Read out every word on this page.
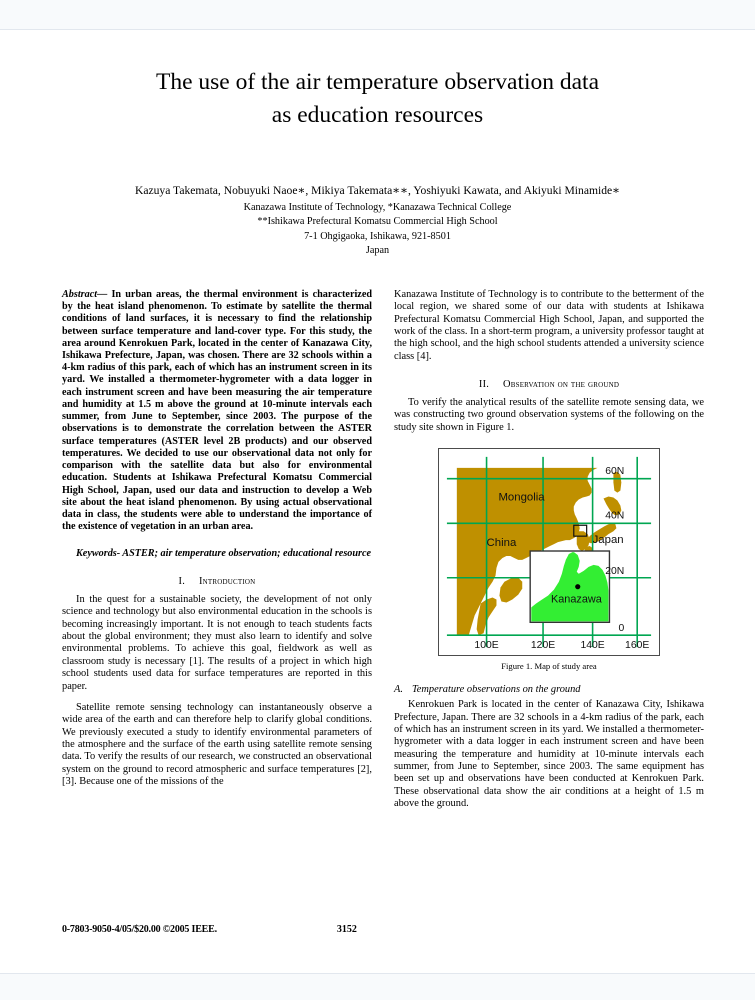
The use of the air temperature observation data
as education resources
Kazuya Takemata, Nobuyuki Naoe∗, Mikiya Takemata∗∗, Yoshiyuki Kawata, and Akiyuki Minamide∗
Kanazawa Institute of Technology, *Kanazawa Technical College
**Ishikawa Prefectural Komatsu Commercial High School
7-1 Ohgigaoka, Ishikawa, 921-8501
Japan
Abstract— In urban areas, the thermal environment is characterized by the heat island phenomenon. To estimate by satellite the thermal conditions of land surfaces, it is necessary to find the relationship between surface temperature and land-cover type. For this study, the area around Kenrokuen Park, located in the center of Kanazawa City, Ishikawa Prefecture, Japan, was chosen. There are 32 schools within a 4-km radius of this park, each of which has an instrument screen in its yard. We installed a thermometer-hygrometer with a data logger in each instrument screen and have been measuring the air temperature and humidity at 1.5 m above the ground at 10-minute intervals each summer, from June to September, since 2003. The purpose of the observations is to demonstrate the correlation between the ASTER surface temperatures (ASTER level 2B products) and our observed temperatures. We decided to use our observational data not only for comparison with the satellite data but also for environmental education. Students at Ishikawa Prefectural Komatsu Commercial High School, Japan, used our data and instruction to develop a Web site about the heat island phenomenon. By using actual observational data in class, the students were able to understand the importance of the existence of vegetation in an urban area.
Keywords- ASTER; air temperature observation; educational resource
I. Introduction

In the quest for a sustainable society, the development of not only science and technology but also environmental education in the schools is becoming increasingly important. It is not enough to teach students facts about the global environment; they must also learn to identify and solve environmental problems. To achieve this goal, fieldwork as well as classroom study is necessary [1]. The results of a project in which high school students used data for surface temperatures are reported in this paper.

Satellite remote sensing technology can instantaneously observe a wide area of the earth and can therefore help to clarify global conditions. We previously executed a study to identify environmental parameters of the atmosphere and the surface of the earth using satellite remote sensing data. To verify the results of our research, we constructed an observational system on the ground to record atmospheric and surface temperatures [2],[3]. Because one of the missions of the

Kanazawa Institute of Technology is to contribute to the betterment of the local region, we shared some of our data with students at Ishikawa Prefectural Komatsu Commercial High School, Japan, and supported the work of the class. In a short-term program, a university professor taught at the high school, and the high school students attended a university science class [4].

II. Observation on the ground

To verify the analytical results of the satellite remote sensing data, we was constructing two ground observation systems of the following on the study site shown in Figure 1.

Mongolia
China	Japan
Kanazawa
60N
40N
20N
0
100E	120E 140E 160E
Figure 1. Map of study area
A. Temperature observations on the ground

Kenrokuen Park is located in the center of Kanazawa City, Ishikawa Prefecture, Japan. There are 32 schools in a 4-km radius of the park, each of which has an instrument screen in its yard. We installed a thermometer-hygrometer with a data logger in each instrument screen and have been measuring the temperature and humidity at 10-minute intervals each summer, from June to September, since 2003. The same equipment has been set up and observations have been conducted at Kenrokuen Park. These observational data show the air conditions at a height of 1.5 m above the ground.

0-7803-9050-4/05/$20.00 ©2005 IEEE.	3152
